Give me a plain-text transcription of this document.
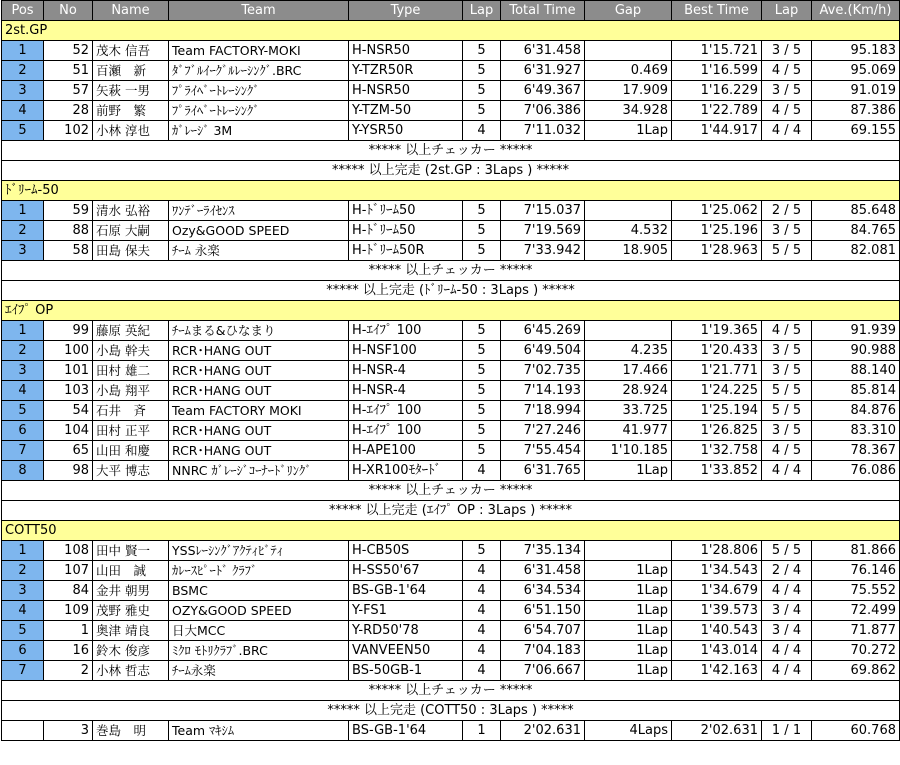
Pos	No	Name	Team	Type	Lap	Total Time	Gap	Best Time	Lap	Ave.(Km/h)
2st.GP										
1	52	茂木 信吾	Team FACTORY-MOKI	H-NSR50	5	6'31.458		1'15.721	3 / 5	95.183
2	51	百瀬　新	ﾀﾞﾌﾞﾙｲｰｸﾞﾙﾚｰｼﾝｸﾞ.BRC	Y-TZR50R	5	6'31.927	0.469	1'16.599	4 / 5	95.069
3	57	矢萩 一男	ﾌﾟﾗｲﾍﾞｰﾄﾚｰｼﾝｸﾞ	H-NSR50	5	6'49.367	17.909	1'16.229	3 / 5	91.019
4	28	前野　繁	ﾌﾟﾗｲﾍﾞｰﾄﾚｰｼﾝｸﾞ	Y-TZM-50	5	7'06.386	34.928	1'22.789	4 / 5	87.386
5	102	小林 淳也	ｶﾞﾚｰｼﾞ 3M	Y-YSR50	4	7'11.032	1Lap	1'44.917	4 / 4	69.155
***** 以上チェッカー *****										
***** 以上完走 (2st.GP : 3Laps ) *****										
ﾄﾞﾘｰﾑ-50										
1	59	清水 弘裕	ﾜﾝﾃﾞｰﾗｲｾﾝｽ	H-ﾄﾞﾘｰﾑ50	5	7'15.037		1'25.062	2 / 5	85.648
2	88	石原 大嗣	Ozy&GOOD SPEED	H-ﾄﾞﾘｰﾑ50	5	7'19.569	4.532	1'25.196	3 / 5	84.765
3	58	田島 保夫	ﾁｰﾑ 永楽	H-ﾄﾞﾘｰﾑ50R	5	7'33.942	18.905	1'28.963	5 / 5	82.081
***** 以上チェッカー *****										
***** 以上完走 (ﾄﾞﾘｰﾑ-50 : 3Laps ) *****										
ｴｲﾌﾟ OP										
1	99	藤原 英紀	ﾁｰﾑまる&ひなまり	H-ｴｲﾌﾟ 100	5	6'45.269		1'19.365	4 / 5	91.939
2	100	小島 幹夫	RCR･HANG OUT	H-NSF100	5	6'49.504	4.235	1'20.433	3 / 5	90.988
3	101	田村 雄二	RCR･HANG OUT	H-NSR-4	5	7'02.735	17.466	1'21.771	3 / 5	88.140
4	103	小島 翔平	RCR･HANG OUT	H-NSR-4	5	7'14.193	28.924	1'24.225	5 / 5	85.814
5	54	石井　斉	Team FACTORY MOKI	H-ｴｲﾌﾟ 100	5	7'18.994	33.725	1'25.194	5 / 5	84.876
6	104	田村 正平	RCR･HANG OUT	H-ｴｲﾌﾟ 100	5	7'27.246	41.977	1'26.825	3 / 5	83.310
7	65	山田 和慶	RCR･HANG OUT	H-APE100	5	7'55.454	1'10.185	1'32.758	4 / 5	78.367
8	98	大平 博志	NNRC ｶﾞﾚｰｼﾞｺｰﾅｰﾄﾞﾘﾝｸﾞ	H-XR100ﾓﾀｰﾄﾞ	4	6'31.765	1Lap	1'33.852	4 / 4	76.086
***** 以上チェッカー *****										
***** 以上完走 (ｴｲﾌﾟ OP : 3Laps ) *****										
COTT50										
1	108	田中 賢一	YSSﾚｰｼﾝｸﾞｱｸﾃｨﾋﾞﾃｨ	H-CB50S	5	7'35.134		1'28.806	5 / 5	81.866
2	107	山田　誠	ｶﾚｰｽﾋﾟｰﾄﾞ ｸﾗﾌﾞ	H-SS50'67	4	6'31.458	1Lap	1'34.543	2 / 4	76.146
3	84	金井 朝男	BSMC	BS-GB-1'64	4	6'34.534	1Lap	1'34.679	4 / 4	75.552
4	109	茂野 雅史	OZY&GOOD SPEED	Y-FS1	4	6'51.150	1Lap	1'39.573	3 / 4	72.499
5	1	奥津 靖良	日大MCC	Y-RD50'78	4	6'54.707	1Lap	1'40.543	3 / 4	71.877
6	16	鈴木 俊彦	ﾐｸﾛ ﾓﾄﾘｸﾗﾌﾞ.BRC	VANVEEN50	4	7'04.183	1Lap	1'43.014	4 / 4	70.272
7	2	小林 哲志	ﾁｰﾑ永楽	BS-50GB-1	4	7'06.667	1Lap	1'42.163	4 / 4	69.862
***** 以上チェッカー *****										
***** 以上完走 (COTT50 : 3Laps ) *****										
	3	巻島　明	Team ﾏｷｼﾑ	BS-GB-1'64	1	2'02.631	4Laps	2'02.631	1 / 1	60.768
